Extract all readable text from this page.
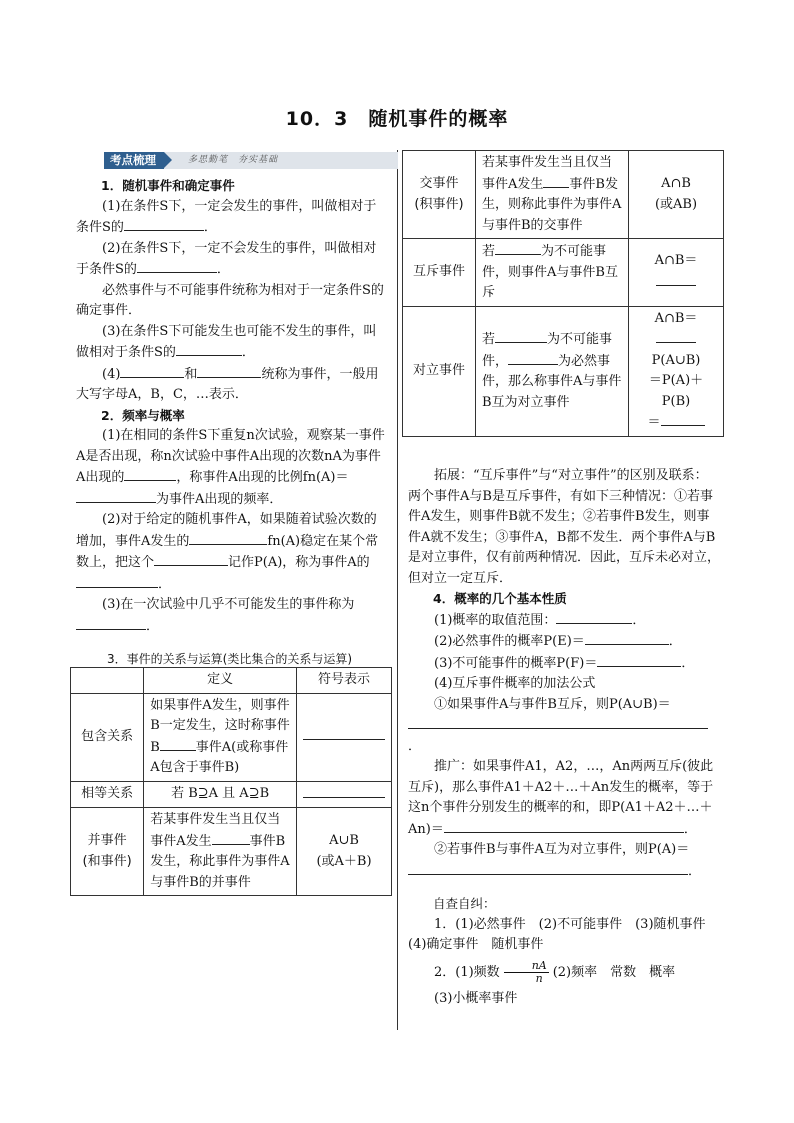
10．3　随机事件的概率
考点梳理	多思勤笔　夯实基础

1．随机事件和确定事件

(1)在条件S下，一定会发生的事件，叫做相对于条件S的	．

(2)在条件S下，一定不会发生的事件，叫做相对于条件S的	．

必然事件与不可能事件统称为相对于一定条件S的确定事件．

(3)在条件S下可能发生也可能不发生的事件，叫做相对于条件S的	．

(4)	和	统称为事件，一般用大写字母A，B，C，…表示．

2．频率与概率

(1)在相同的条件S下重复n次试验，观察某一事件A是否出现，称n次试验中事件A出现的次数nA为事件A出现的	，称事件A出现的比例fn(A)＝为事件A出现的频率．

(2)对于给定的随机事件A，如果随着试验次数的增加，事件A发生的	fn(A)稳定在某个常数上，把这个	记作P(A)，称为事件A的．

(3)在一次试验中几乎不可能发生的事件称为．

3．事件的关系与运算(类比集合的关系与运算)
	定义	符号表示
包含关系	如果事件A发生，则事件B一定发生，这时称事件B 事件A(或称事件A包含于事件B)	
相等关系	若 B⊇A 且 A⊇B	
并事件
(和事件)	若某事件发生当且仅当事件A发生 事件B发生，称此事件为事件A与事件B的并事件	A∪B
(或A＋B)
交事件
(积事件)	若某事件发生当且仅当事件A发生 事件B发生，则称此事件为事件A与事件B的交事件	A∩B
(或AB)
互斥事件	若 为不可能事件，则事件A与事件B互斥	A∩B＝

对立事件	若 为不可能事件， 为必然事件，那么称事件A与事件B互为对立事件	A∩B＝

P(A∪B)
＝P(A)＋P(B)
＝

拓展：“互斥事件”与“对立事件”的区别及联系：两个事件A与B是互斥事件，有如下三种情况：①若事件A发生，则事件B就不发生；②若事件B发生，则事件A就不发生；③事件A，B都不发生．两个事件A与B是对立事件，仅有前两种情况．因此，互斥未必对立，但对立一定互斥．

4．概率的几个基本性质

(1)概率的取值范围：	．

(2)必然事件的概率P(E)＝	．

(3)不可能事件的概率P(F)＝	．

(4)互斥事件概率的加法公式

①如果事件A与事件B互斥，则P(A∪B)＝．

推广：如果事件A1，A2，…，An两两互斥(彼此互斥)，那么事件A1＋A2＋…＋An发生的概率，等于这n个事件分别发生的概率的和，即P(A1＋A2＋…＋An)＝	．

②若事件B与事件A互为对立事件，则P(A)＝．

自查自纠：

1．(1)必然事件　(2)不可能事件　(3)随机事件　(4)确定事件　随机事件

2．(1)频数 $\frac{nA}{n} (2)$频率　常数　概率

(3)小概率事件
